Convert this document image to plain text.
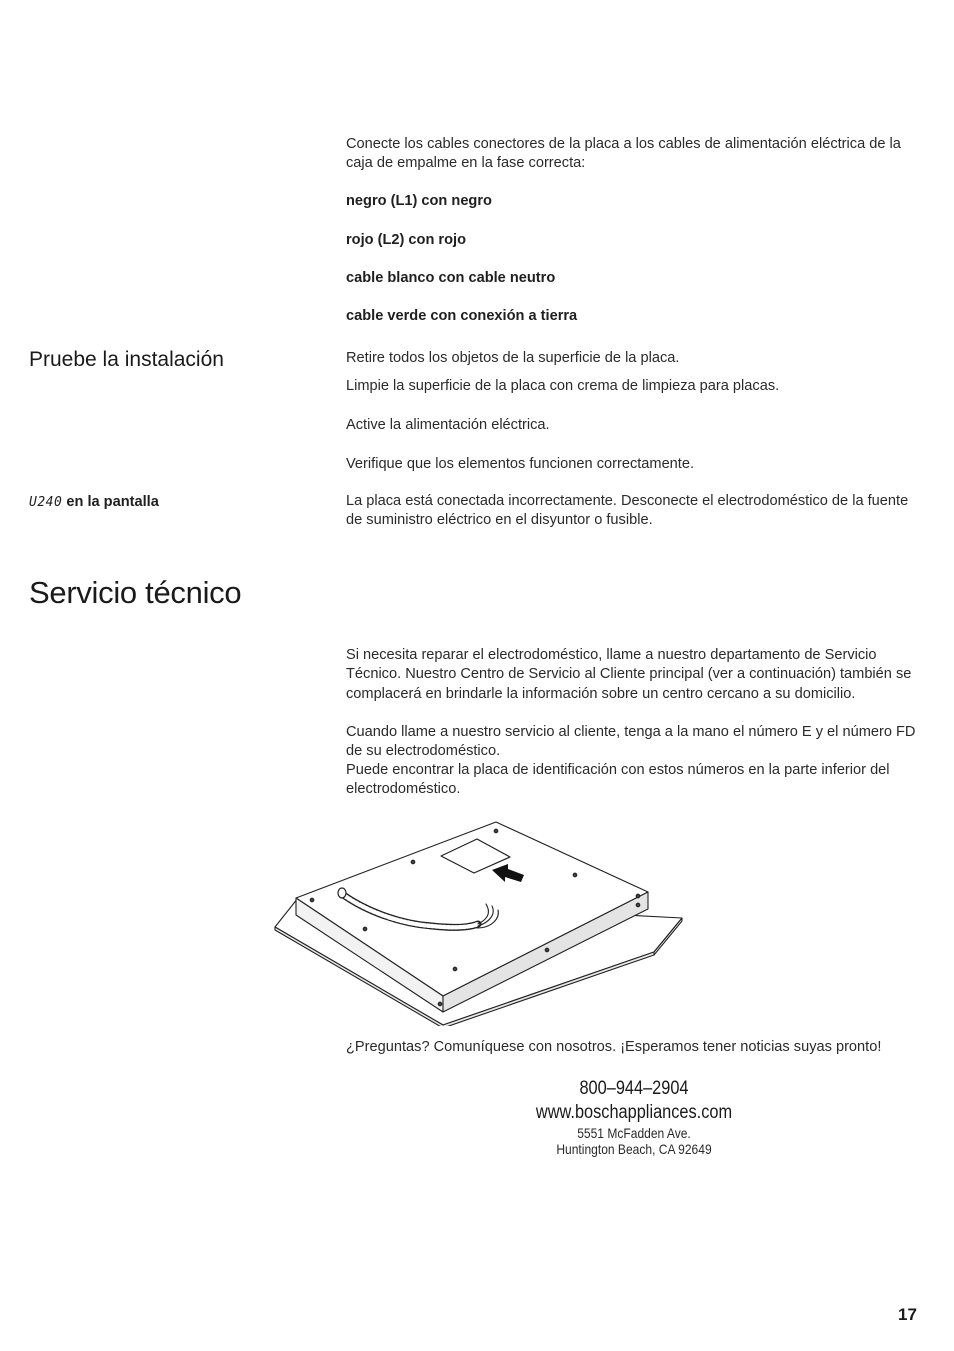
Conecte los cables conectores de la placa a los cables de alimentación eléctrica de la caja de empalme en la fase correcta:

negro (L1) con negro

rojo (L2) con rojo

cable blanco con cable neutro

cable verde con conexión a tierra

Pruebe la instalación	Retire todos los objetos de la superficie de la placa.

Limpie la superficie de la placa con crema de limpieza para placas.

Active la alimentación eléctrica.

Verifique que los elementos funcionen correctamente.

U240 en la pantalla	La placa está conectada incorrectamente. Desconecte el electrodoméstico de la fuente de suministro eléctrico en el disyuntor o fusible.

Servicio técnico

Si necesita reparar el electrodoméstico, llame a nuestro departamento de Servicio Técnico. Nuestro Centro de Servicio al Cliente principal (ver a continuación) también se complacerá en brindarle la información sobre un centro cercano a su domicilio.

Cuando llame a nuestro servicio al cliente, tenga a la mano el número E y el número FD de su electrodoméstico.

Puede encontrar la placa de identificación con estos números en la parte inferior del electrodoméstico.

¿Preguntas? Comuníquese con nosotros. ¡Esperamos tener noticias suyas pronto!

800–944–2904
www.boschappliances.com
5551 McFadden Ave.
Huntington Beach, CA 92649
17
